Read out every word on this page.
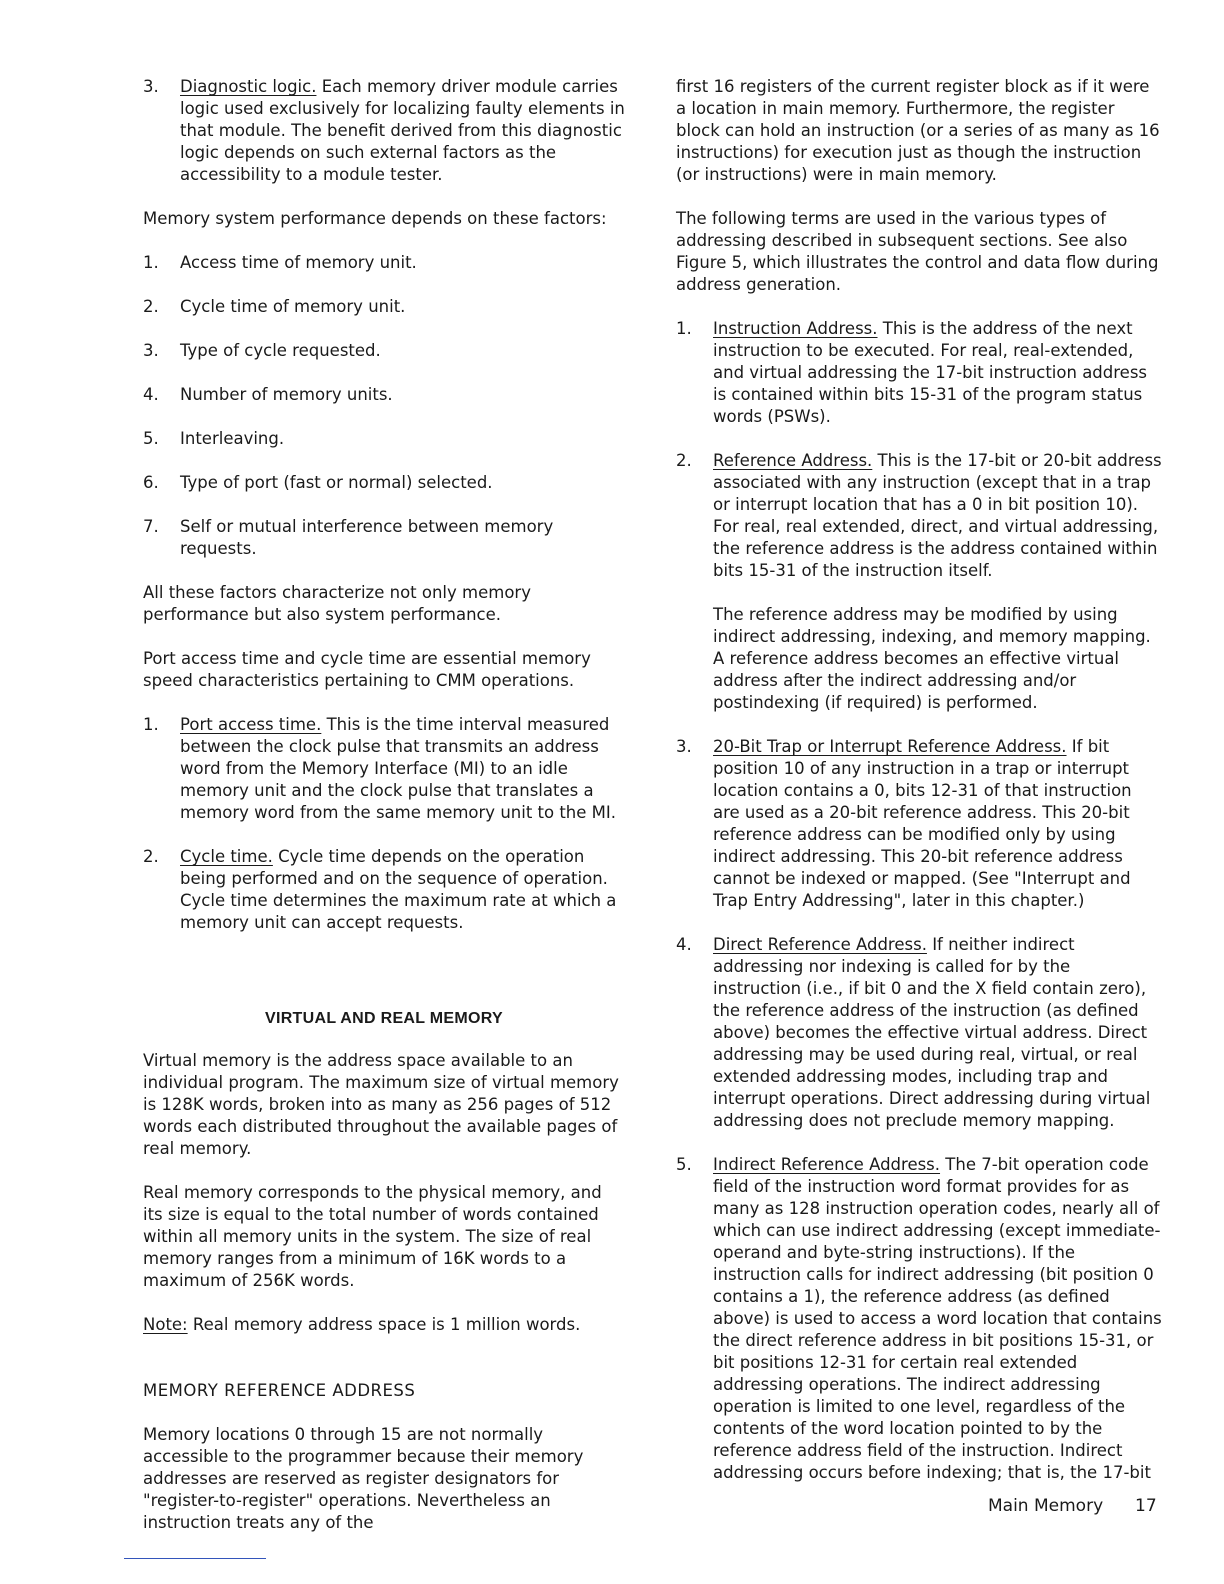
3. Diagnostic logic. Each memory driver module carries logic used exclusively for localizing faulty elements in that module. The benefit derived from this diagnostic logic depends on such external factors as the accessibility to a module tester.

Memory system performance depends on these factors:

1. Access time of memory unit.
2. Cycle time of memory unit.
3. Type of cycle requested.
4. Number of memory units.
5. Interleaving.
6. Type of port (fast or normal) selected.
7. Self or mutual interference between memory requests.

All these factors characterize not only memory performance but also system performance.

Port access time and cycle time are essential memory speed characteristics pertaining to CMM operations.

1. Port access time. This is the time interval measured between the clock pulse that transmits an address word from the Memory Interface (MI) to an idle memory unit and the clock pulse that translates a memory word from the same memory unit to the MI.
2. Cycle time. Cycle time depends on the operation being performed and on the sequence of operation. Cycle time determines the maximum rate at which a memory unit can accept requests.
VIRTUAL AND REAL MEMORY

Virtual memory is the address space available to an individual program. The maximum size of virtual memory is 128K words, broken into as many as 256 pages of 512 words each distributed throughout the available pages of real memory.

Real memory corresponds to the physical memory, and its size is equal to the total number of words contained within all memory units in the system. The size of real memory ranges from a minimum of 16K words to a maximum of 256K words.

Note: Real memory address space is 1 million words.

MEMORY REFERENCE ADDRESS

Memory locations 0 through 15 are not normally accessible to the programmer because their memory addresses are reserved as register designators for "register-to-register" operations. Nevertheless an instruction treats any of the

first 16 registers of the current register block as if it were a location in main memory. Furthermore, the register block can hold an instruction (or a series of as many as 16 instructions) for execution just as though the instruction (or instructions) were in main memory.

The following terms are used in the various types of addressing described in subsequent sections. See also Figure 5, which illustrates the control and data flow during address generation.

1. Instruction Address. This is the address of the next instruction to be executed. For real, real-extended, and virtual addressing the 17-bit instruction address is contained within bits 15-31 of the program status words (PSWs).
2. Reference Address. This is the 17-bit or 20-bit address associated with any instruction (except that in a trap or interrupt location that has a 0 in bit position 10). For real, real extended, direct, and virtual addressing, the reference address is the address contained within bits 15-31 of the instruction itself.
The reference address may be modified by using indirect addressing, indexing, and memory mapping. A reference address becomes an effective virtual address after the indirect addressing and/or postindexing (if required) is performed.
3. 20-Bit Trap or Interrupt Reference Address. If bit position 10 of any instruction in a trap or interrupt location contains a 0, bits 12-31 of that instruction are used as a 20-bit reference address. This 20-bit reference address can be modified only by using indirect addressing. This 20-bit reference address cannot be indexed or mapped. (See "Interrupt and Trap Entry Addressing", later in this chapter.)
4. Direct Reference Address. If neither indirect addressing nor indexing is called for by the instruction (i.e., if bit 0 and the X field contain zero), the reference address of the instruction (as defined above) becomes the effective virtual address. Direct addressing may be used during real, virtual, or real extended addressing modes, including trap and interrupt operations. Direct addressing during virtual addressing does not preclude memory mapping.
5. Indirect Reference Address. The 7-bit operation code field of the instruction word format provides for as many as 128 instruction operation codes, nearly all of which can use indirect addressing (except immediate-operand and byte-string instructions). If the instruction calls for indirect addressing (bit position 0 contains a 1), the reference address (as defined above) is used to access a word location that contains the direct reference address in bit positions 15-31, or bit positions 12-31 for certain real extended addressing operations. The indirect addressing operation is limited to one level, regardless of the contents of the word location pointed to by the reference address field of the instruction. Indirect addressing occurs before indexing; that is, the 17-bit
Main Memory 17
